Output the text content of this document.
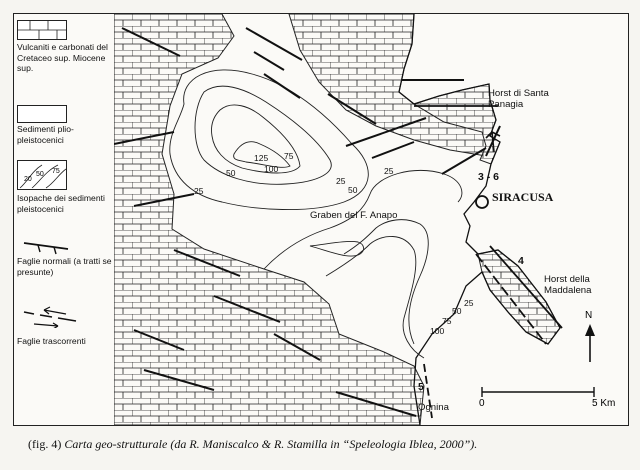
Vulcaniti e carbonati del Cretaceo sup. Miocene sup.
Sedimenti plio-pleistocenici
20
50 75
Isopache dei sedimenti pleistocenici
Faglie normali (a tratti se presunte)
Faglie trascorrenti
125
100
75
50
25
25
25
50
100
75
50
25
N
0	5 Km
Horst di Santa Panagia
3 - 6
SIRACUSA
Graben del F. Anapo
4
Horst della Maddalena
5
Ognina
(fig. 4) Carta geo-strutturale (da R. Maniscalco & R. Stamilla in “Speleologia Iblea, 2000”).
